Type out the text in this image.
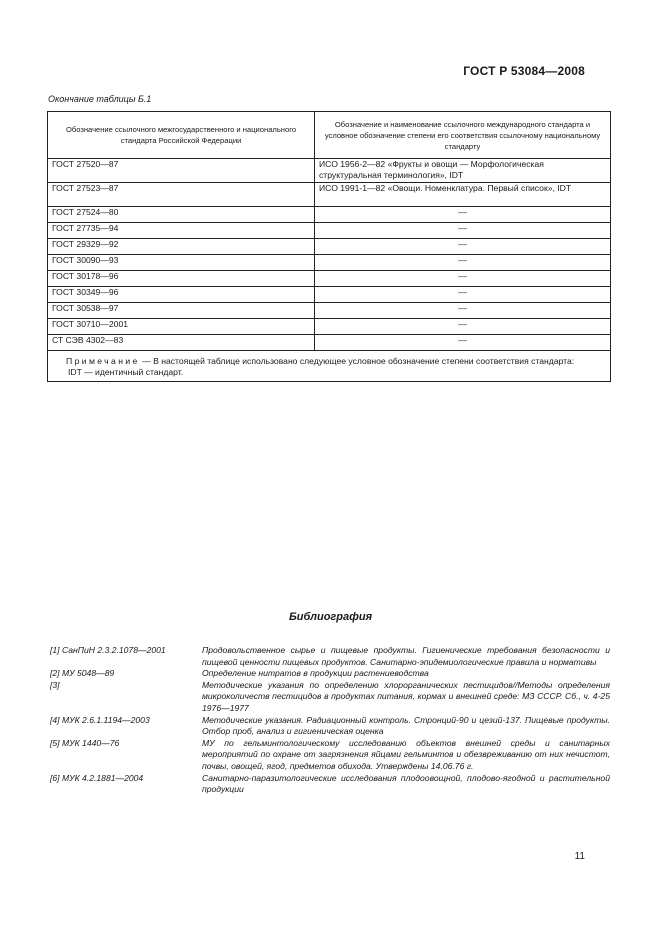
ГОСТ Р 53084—2008
Окончание таблицы Б.1
Обозначение ссылочного межгосударственного и национального стандарта Российской Федерации	Обозначение и наименование ссылочного международного стандарта и условное обозначение степени его соответствия ссылочному национальному стандарту
ГОСТ 27520—87	ИСО 1956-2—82 «Фрукты и овощи — Морфологическая структуральная терминология», IDT
ГОСТ 27523—87	ИСО 1991-1—82 «Овощи. Номенклатура. Первый список», IDT
ГОСТ 27524—80	—
ГОСТ 27735—94	—
ГОСТ 29329—92	—
ГОСТ 30090—93	—
ГОСТ 30178—96	—
ГОСТ 30349—96	—
ГОСТ 30538—97	—
ГОСТ 30710—2001	—
СТ СЭВ 4302—83	—
Примечание — В настоящей таблице использовано следующее условное обозначение степени соответствия стандарта:
IDT — идентичный стандарт.	
Библиография
[1] СанПиН 2.3.2.1078—2001	Продовольственное сырье и пищевые продукты. Гигиенические требования безопасности и пищевой ценности пищевых продуктов. Санитарно-эпидемиологические правила и нормативы
[2] МУ 5048—89	Определение нитратов в продукции растениеводства
[3]	Методические указания по определению хлорорганических пестицидов//Методы определения микроколичеств пестицидов в продуктах питания, кормах и внешней среде: МЗ СССР. Сб., ч. 4-25 1976—1977
[4] МУК 2.6.1.1194—2003	Методические указания. Радиационный контроль. Стронций-90 и цезий-137. Пищевые продукты. Отбор проб, анализ и гигиеническая оценка
[5] МУК 1440—76	МУ по гельминтологическому исследованию объектов внешней среды и санитарных мероприятий по охране от загрязнения яйцами гельминтов и обезвреживанию от них нечистот, почвы, овощей, ягод, предметов обихода. Утверждены 14.06.76 г.
[6] МУК 4.2.1881—2004	Санитарно-паразитологические исследования плодоовощной, плодово-ягодной и растительной продукции
11
